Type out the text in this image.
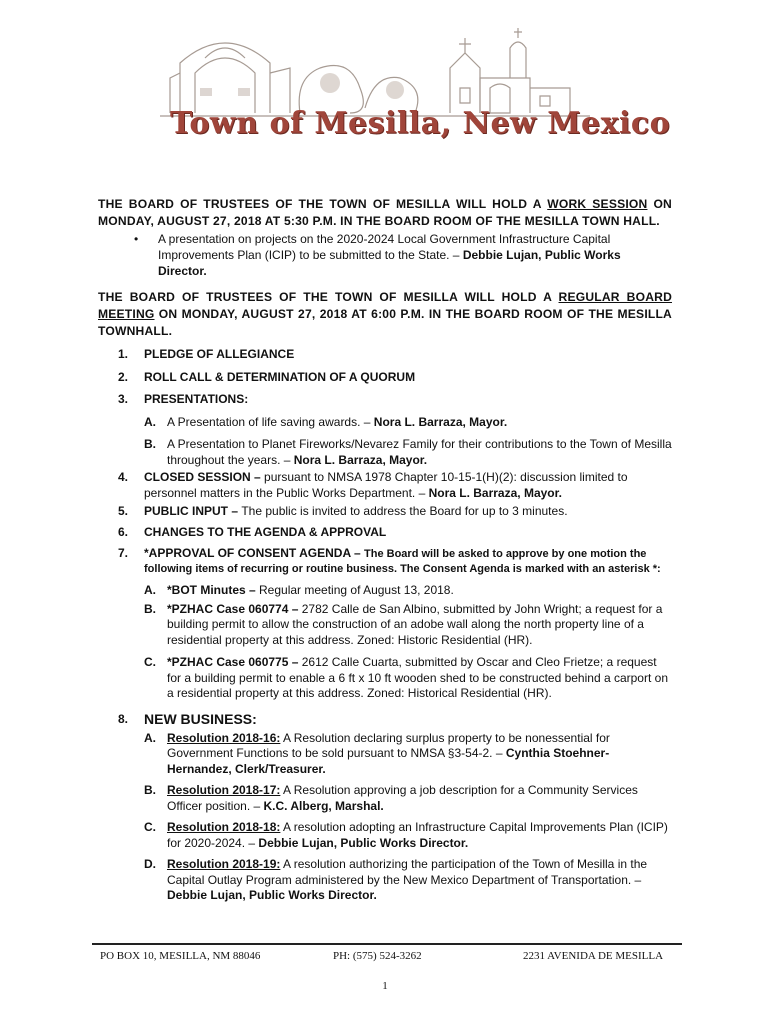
Town of Mesilla, New Mexico
THE BOARD OF TRUSTEES OF THE TOWN OF MESILLA WILL HOLD A WORK SESSION ON MONDAY, AUGUST 27, 2018 AT 5:30 P.M. IN THE BOARD ROOM OF THE MESILLA TOWN HALL.
• A presentation on projects on the 2020-2024 Local Government Infrastructure Capital Improvements Plan (ICIP) to be submitted to the State. – Debbie Lujan, Public Works Director.
THE BOARD OF TRUSTEES OF THE TOWN OF MESILLA WILL HOLD A REGULAR BOARD MEETING ON MONDAY, AUGUST 27, 2018 AT 6:00 P.M. IN THE BOARD ROOM OF THE MESILLA TOWNHALL.
1. PLEDGE OF ALLEGIANCE
2. ROLL CALL & DETERMINATION OF A QUORUM
3. PRESENTATIONS:
A. A Presentation of life saving awards. – Nora L. Barraza, Mayor.
B. A Presentation to Planet Fireworks/Nevarez Family for their contributions to the Town of Mesilla throughout the years. – Nora L. Barraza, Mayor.
4. CLOSED SESSION – pursuant to NMSA 1978 Chapter 10-15-1(H)(2): discussion limited to personnel matters in the Public Works Department. – Nora L. Barraza, Mayor.
5. PUBLIC INPUT – The public is invited to address the Board for up to 3 minutes.
6. CHANGES TO THE AGENDA & APPROVAL
7. *APPROVAL OF CONSENT AGENDA – The Board will be asked to approve by one motion the following items of recurring or routine business. The Consent Agenda is marked with an asterisk *:
A. *BOT Minutes – Regular meeting of August 13, 2018.
B. *PZHAC Case 060774 – 2782 Calle de San Albino, submitted by John Wright; a request for a building permit to allow the construction of an adobe wall along the north property line of a residential property at this address. Zoned: Historic Residential (HR).
C. *PZHAC Case 060775 – 2612 Calle Cuarta, submitted by Oscar and Cleo Frietze; a request for a building permit to enable a 6 ft x 10 ft wooden shed to be constructed behind a carport on a residential property at this address. Zoned: Historical Residential (HR).
8. NEW BUSINESS:
A. Resolution 2018-16: A Resolution declaring surplus property to be nonessential for Government Functions to be sold pursuant to NMSA §3-54-2. – Cynthia Stoehner-Hernandez, Clerk/Treasurer.
B. Resolution 2018-17: A Resolution approving a job description for a Community Services Officer position. – K.C. Alberg, Marshal.
C. Resolution 2018-18: A resolution adopting an Infrastructure Capital Improvements Plan (ICIP) for 2020-2024. – Debbie Lujan, Public Works Director.
D. Resolution 2018-19: A resolution authorizing the participation of the Town of Mesilla in the Capital Outlay Program administered by the New Mexico Department of Transportation. – Debbie Lujan, Public Works Director.
PO BOX 10, MESILLA, NM 88046	PH: (575) 524-3262	2231 AVENIDA DE MESILLA
1
